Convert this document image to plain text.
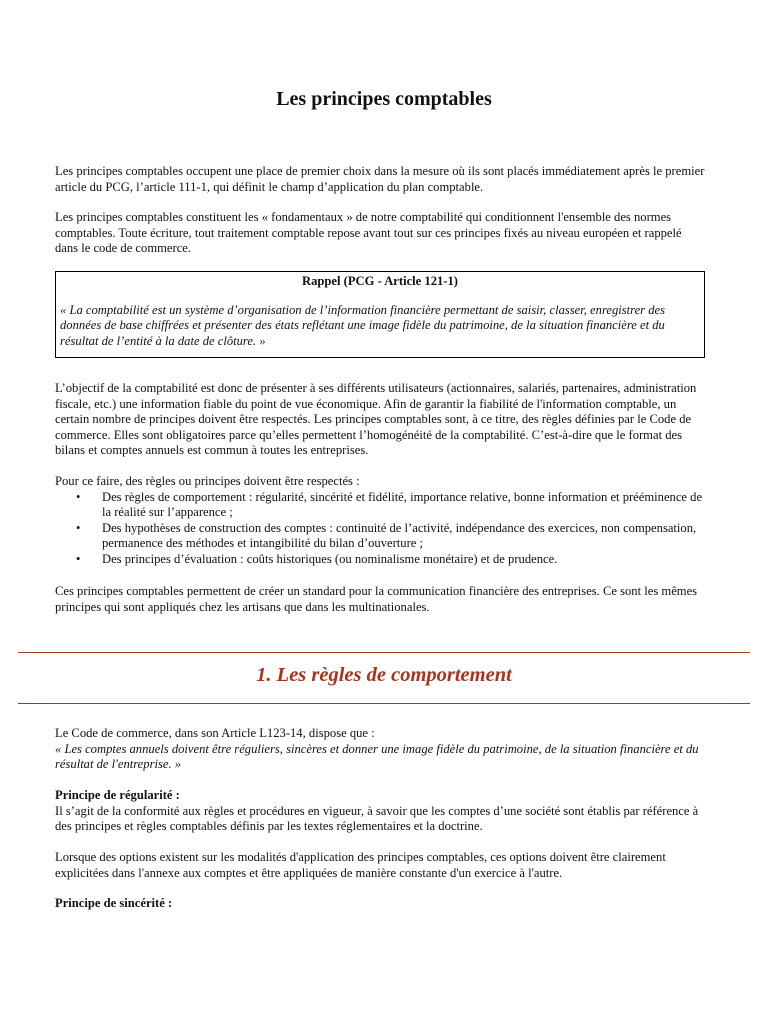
Les principes comptables

Les principes comptables occupent une place de premier choix dans la mesure où ils sont placés immédiatement après le premier article du PCG, l’article 111-1, qui définit le champ d’application du plan comptable.

Les principes comptables constituent les « fondamentaux » de notre comptabilité qui conditionnent l'ensemble des normes comptables. Toute écriture, tout traitement comptable repose avant tout sur ces principes fixés au niveau européen et rappelé dans le code de commerce.

Rappel (PCG - Article 121-1)
« La comptabilité est un système d’organisation de l’information financière permettant de saisir, classer, enregistrer des données de base chiffrées et présenter des états reflétant une image fidèle du patrimoine, de la situation financière et du résultat de l’entité à la date de clôture. »

L’objectif de la comptabilité est donc de présenter à ses différents utilisateurs (actionnaires, salariés, partenaires, administration fiscale, etc.) une information fiable du point de vue économique. Afin de garantir la fiabilité de l'information comptable, un certain nombre de principes doivent être respectés. Les principes comptables sont, à ce titre, des règles définies par le Code de commerce. Elles sont obligatoires parce qu’elles permettent l’homogénéité de la comptabilité. C’est-à-dire que le format des bilans et comptes annuels est commun à toutes les entreprises.

Pour ce faire, des règles ou principes doivent être respectés :

• Des règles de comportement : régularité, sincérité et fidélité, importance relative, bonne information et prééminence de la réalité sur l’apparence ;
• Des hypothèses de construction des comptes : continuité de l’activité, indépendance des exercices, non compensation, permanence des méthodes et intangibilité du bilan d’ouverture ;
• Des principes d’évaluation : coûts historiques (ou nominalisme monétaire) et de prudence.

Ces principes comptables permettent de créer un standard pour la communication financière des entreprises. Ce sont les mêmes principes qui sont appliqués chez les artisans que dans les multinationales.

1. Les règles de comportement

Le Code de commerce, dans son Article L123-14, dispose que :

« Les comptes annuels doivent être réguliers, sincères et donner une image fidèle du patrimoine, de la situation financière et du résultat de l'entreprise. »

Principe de régularité :

Il s’agit de la conformité aux règles et procédures en vigueur, à savoir que les comptes d’une société sont établis par référence à des principes et règles comptables définis par les textes réglementaires et la doctrine.

Lorsque des options existent sur les modalités d'application des principes comptables, ces options doivent être clairement explicitées dans l'annexe aux comptes et être appliquées de manière constante d'un exercice à l'autre.

Principe de sincérité :
